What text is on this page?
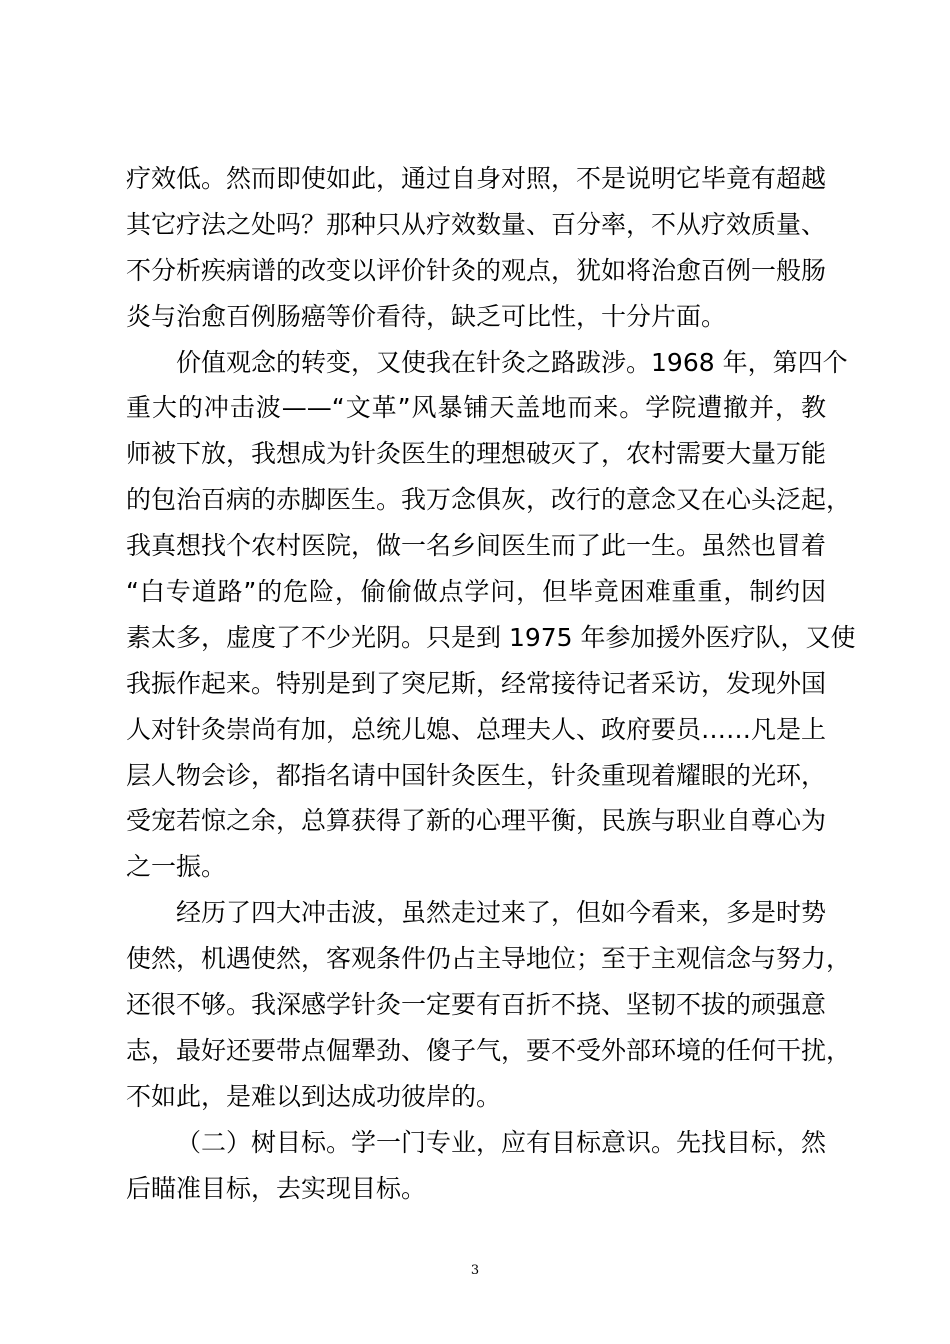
疗效低。然而即使如此，通过自身对照，不是说明它毕竟有超越
其它疗法之处吗？那种只从疗效数量、百分率，不从疗效质量、
不分析疾病谱的改变以评价针灸的观点，犹如将治愈百例一般肠
炎与治愈百例肠癌等价看待，缺乏可比性，十分片面。
价值观念的转变，又使我在针灸之路跋涉。1968 年，第四个
重大的冲击波——“文革”风暴铺天盖地而来。学院遭撤并，教
师被下放，我想成为针灸医生的理想破灭了，农村需要大量万能
的包治百病的赤脚医生。我万念俱灰，改行的意念又在心头泛起，
我真想找个农村医院，做一名乡间医生而了此一生。虽然也冒着
“白专道路”的危险，偷偷做点学问，但毕竟困难重重，制约因
素太多，虚度了不少光阴。只是到 1975 年参加援外医疗队，又使
我振作起来。特别是到了突尼斯，经常接待记者采访，发现外国
人对针灸崇尚有加，总统儿媳、总理夫人、政府要员……凡是上
层人物会诊，都指名请中国针灸医生，针灸重现着耀眼的光环，
受宠若惊之余，总算获得了新的心理平衡，民族与职业自尊心为
之一振。
经历了四大冲击波，虽然走过来了，但如今看来，多是时势
使然，机遇使然，客观条件仍占主导地位；至于主观信念与努力，
还很不够。我深感学针灸一定要有百折不挠、坚韧不拔的顽强意
志，最好还要带点倔犟劲、傻子气，要不受外部环境的任何干扰，
不如此，是难以到达成功彼岸的。
（二）树目标。学一门专业，应有目标意识。先找目标，然
后瞄准目标，去实现目标。
3
